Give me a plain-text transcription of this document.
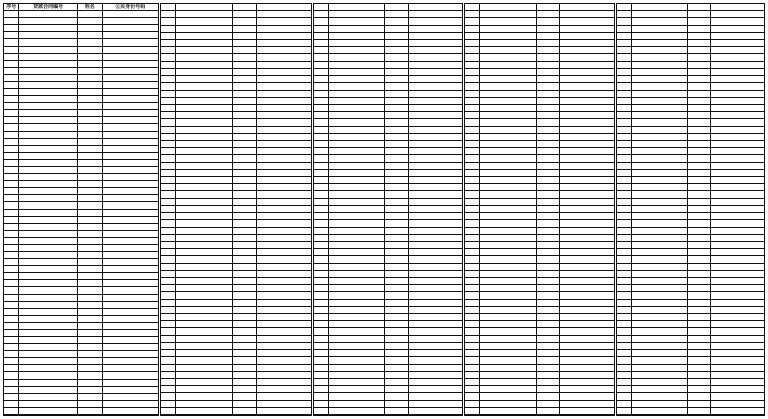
序号	贷款合同编号	姓名	公民身份号码
